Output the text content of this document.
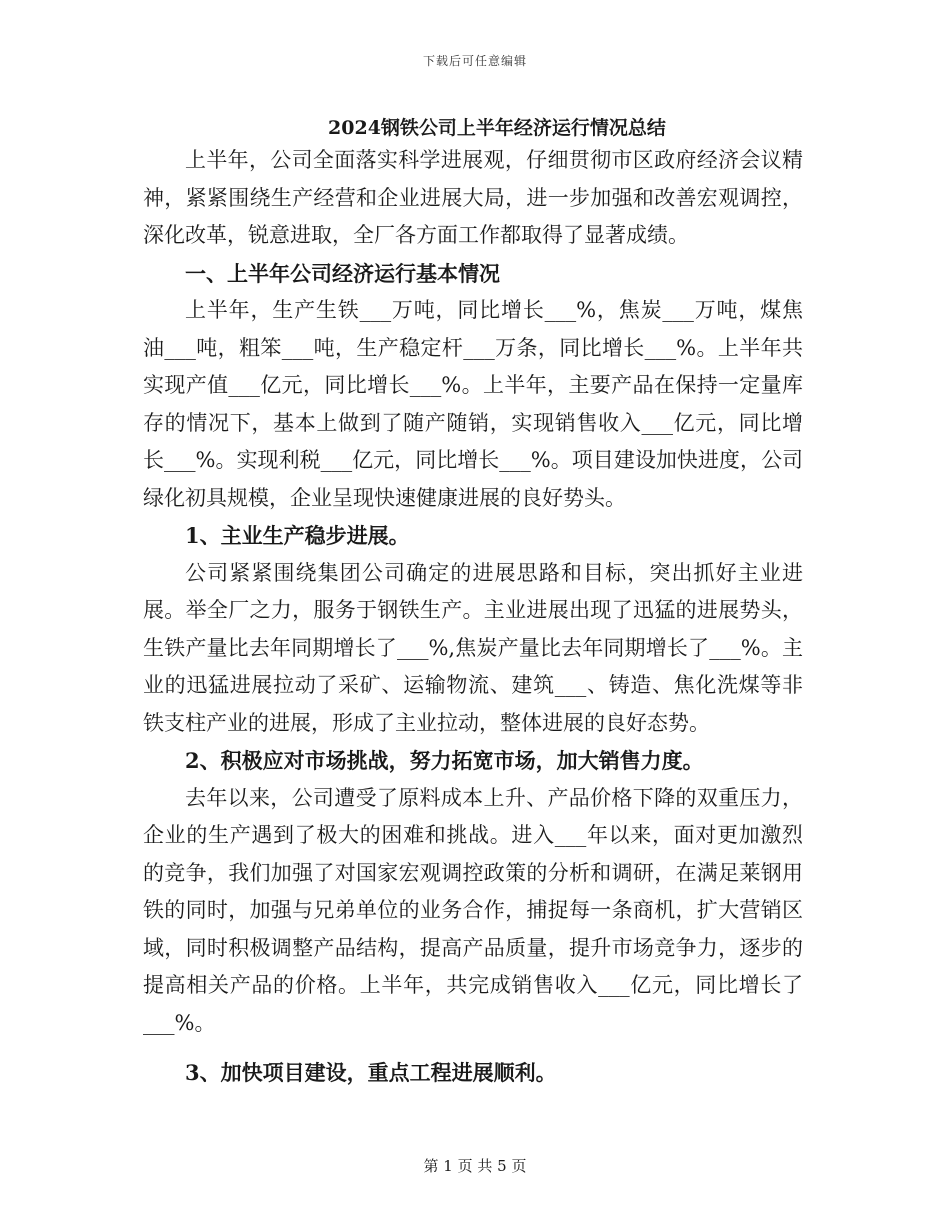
下载后可任意编辑
2024钢铁公司上半年经济运行情况总结

上半年，公司全面落实科学进展观，仔细贯彻市区政府经济会议精神，紧紧围绕生产经营和企业进展大局，进一步加强和改善宏观调控，深化改革，锐意进取，全厂各方面工作都取得了显著成绩。

一、上半年公司经济运行基本情况

上半年，生产生铁___万吨，同比增长___%，焦炭___万吨，煤焦油___吨，粗笨___吨，生产稳定杆___万条，同比增长___%。上半年共实现产值___亿元，同比增长___%。上半年，主要产品在保持一定量库存的情况下，基本上做到了随产随销，实现销售收入___亿元，同比增长___%。实现利税___亿元，同比增长___%。项目建设加快进度，公司绿化初具规模，企业呈现快速健康进展的良好势头。

1、主业生产稳步进展。

公司紧紧围绕集团公司确定的进展思路和目标，突出抓好主业进展。举全厂之力，服务于钢铁生产。主业进展出现了迅猛的进展势头，生铁产量比去年同期增长了___%,焦炭产量比去年同期增长了___%。主业的迅猛进展拉动了采矿、运输物流、建筑___、铸造、焦化洗煤等非铁支柱产业的进展，形成了主业拉动，整体进展的良好态势。

2、积极应对市场挑战，努力拓宽市场，加大销售力度。

去年以来，公司遭受了原料成本上升、产品价格下降的双重压力，企业的生产遇到了极大的困难和挑战。进入___年以来，面对更加激烈的竞争，我们加强了对国家宏观调控政策的分析和调研，在满足莱钢用铁的同时，加强与兄弟单位的业务合作，捕捉每一条商机，扩大营销区域，同时积极调整产品结构，提高产品质量，提升市场竞争力，逐步的提高相关产品的价格。上半年，共完成销售收入___亿元，同比增长了___%。

3、加快项目建设，重点工程进展顺利。

第 1 页 共 5 页
